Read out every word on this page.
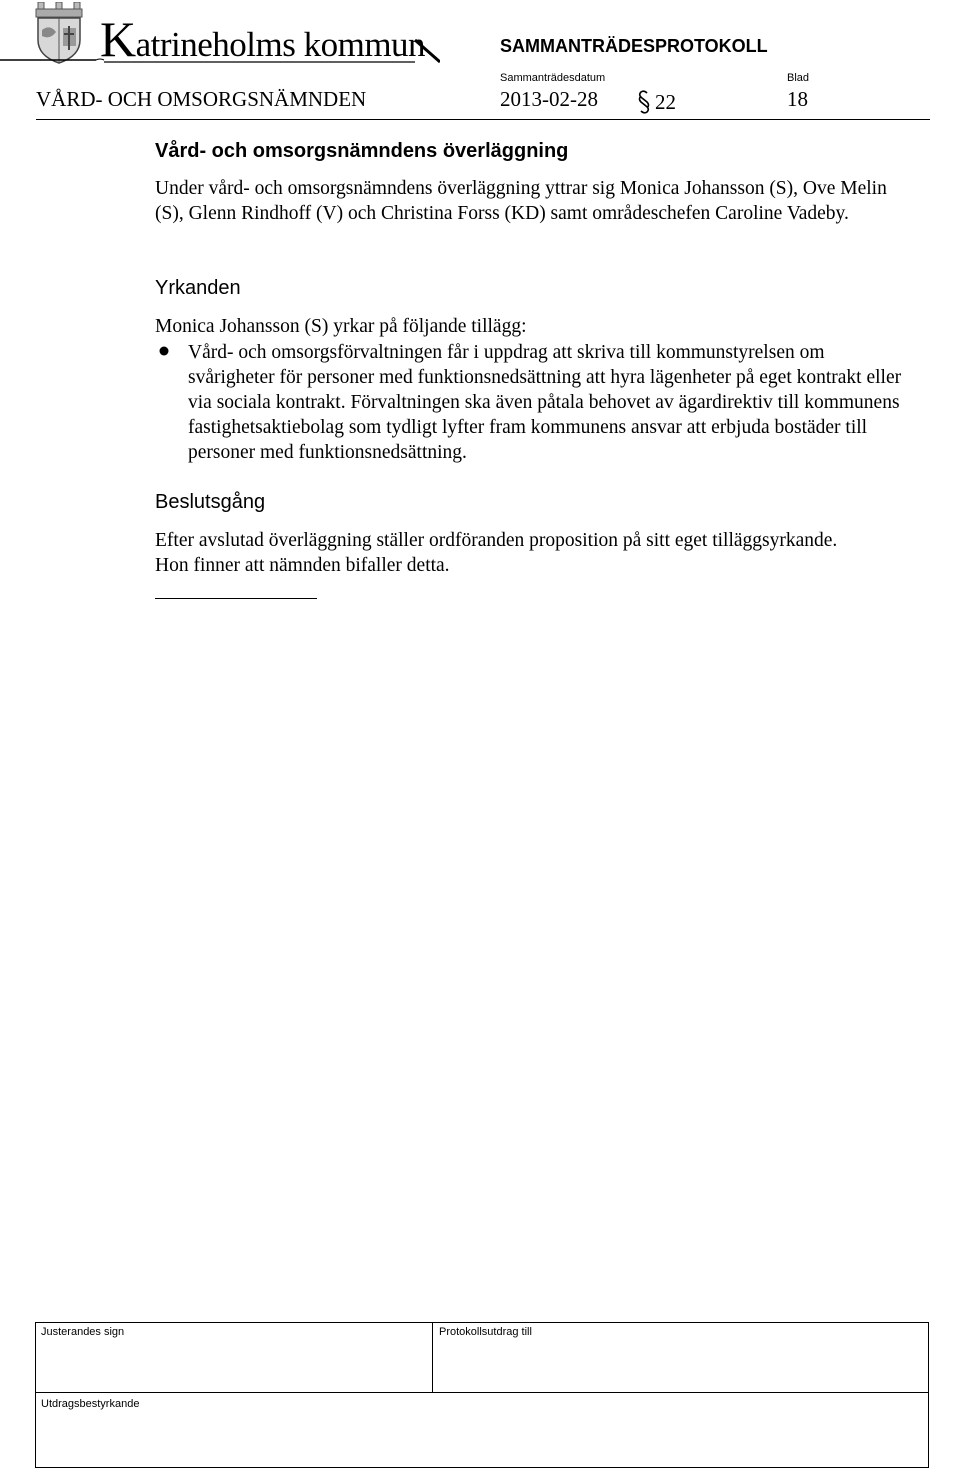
Katrineholms kommun	SAMMANTRÄDESPROTOKOLL
Sammanträdesdatum	Blad
VÅRD- OCH OMSORGSNÄMNDEN	2013-02-28	22	18
Vård- och omsorgsnämndens överläggning
Under vård- och omsorgsnämndens överläggning yttrar sig Monica Johansson (S), Ove Melin (S), Glenn Rindhoff (V) och Christina Forss (KD) samt områdeschefen Caroline Vadeby.
Yrkanden
Monica Johansson (S) yrkar på följande tillägg:
Vård- och omsorgsförvaltningen får i uppdrag att skriva till kommunstyrelsen om svårigheter för personer med funktionsnedsättning att hyra lägenheter på eget kontrakt eller via sociala kontrakt. Förvaltningen ska även påtala behovet av ägardirektiv till kommunens fastighetsaktiebolag som tydligt lyfter fram kommunens ansvar att erbjuda bostäder till personer med funktionsnedsättning.
Beslutsgång
Efter avslutad överläggning ställer ordföranden proposition på sitt eget tilläggsyrkande. Hon finner att nämnden bifaller detta.
Justerandes sign	Protokollsutdrag till
Utdragsbestyrkande
